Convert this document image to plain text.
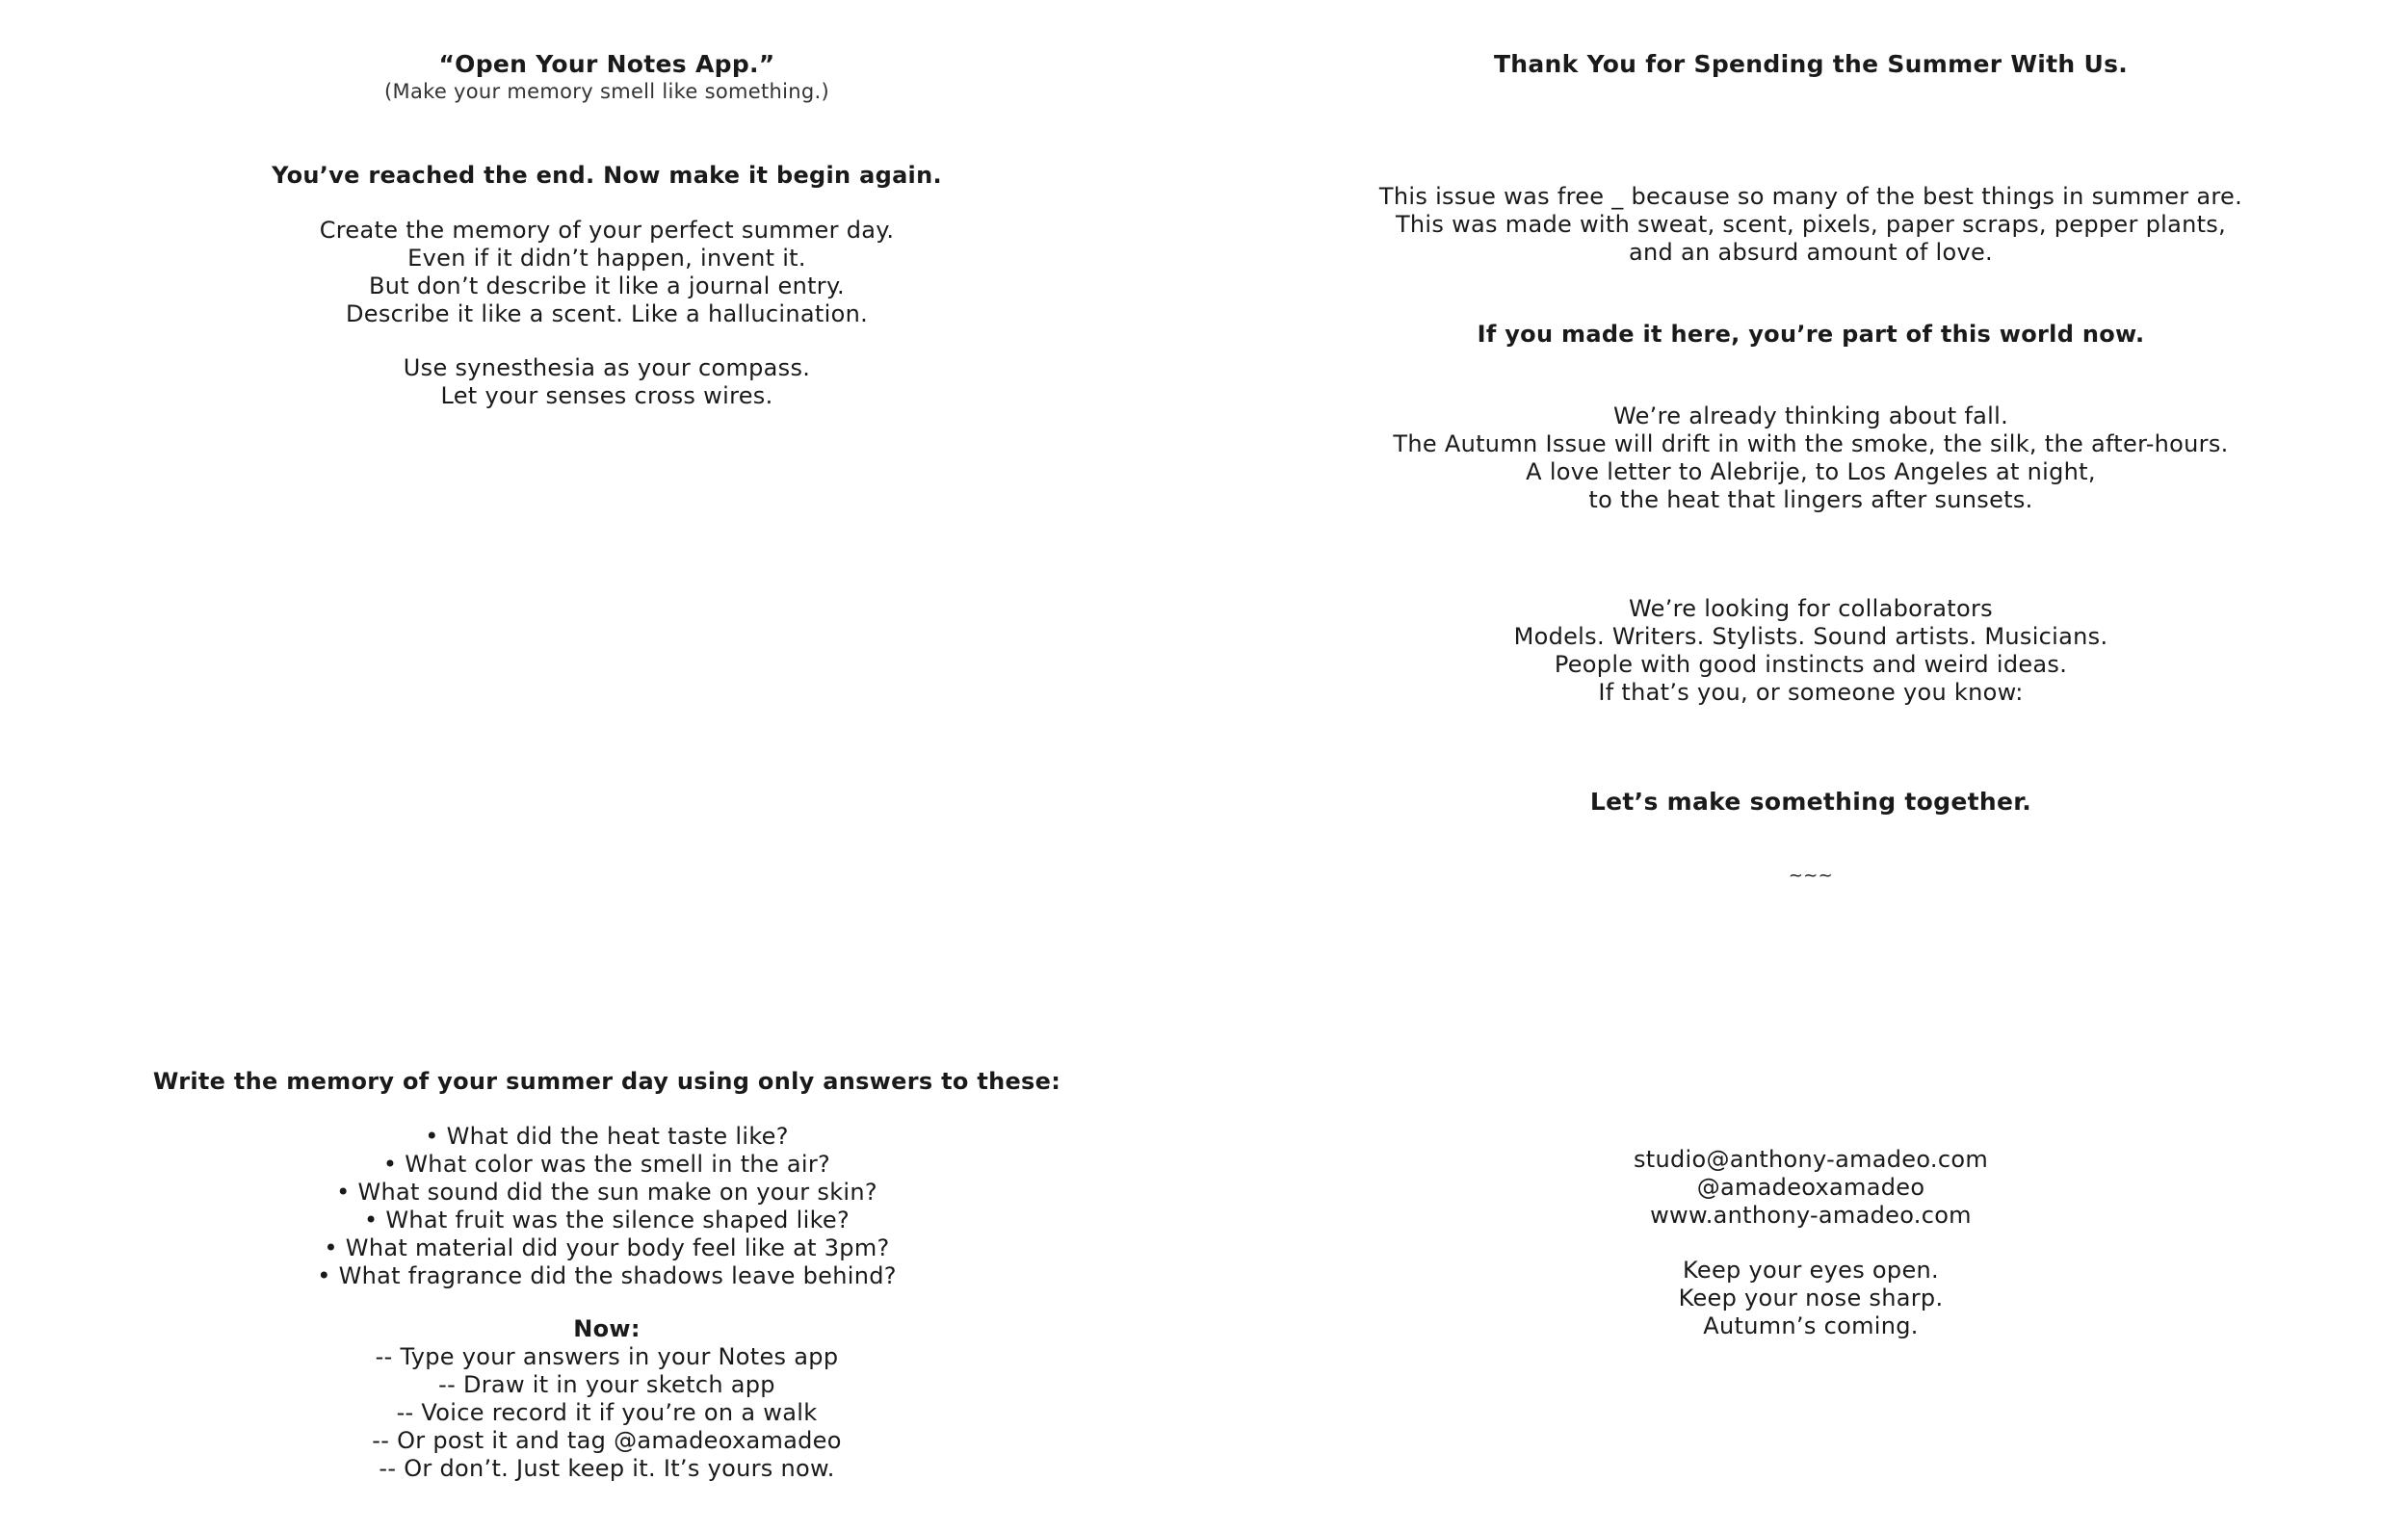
“Open Your Notes App.”
(Make your memory smell like something.)
You’ve reached the end. Now make it begin again.
Create the memory of your perfect summer day.
Even if it didn’t happen, invent it.
But don’t describe it like a journal entry.
Describe it like a scent. Like a hallucination.
Use synesthesia as your compass.
Let your senses cross wires.
Write the memory of your summer day using only answers to these:
• What did the heat taste like?
• What color was the smell in the air?
• What sound did the sun make on your skin?
• What fruit was the silence shaped like?
• What material did your body feel like at 3pm?
• What fragrance did the shadows leave behind?
Now:
-- Type your answers in your Notes app
-- Draw it in your sketch app
-- Voice record it if you’re on a walk
-- Or post it and tag @amadeoxamadeo
-- Or don’t. Just keep it. It’s yours now.
Thank You for Spending the Summer With Us.
This issue was free _ because so many of the best things in summer are.
This was made with sweat, scent, pixels, paper scraps, pepper plants,
and an absurd amount of love.
If you made it here, you’re part of this world now.
We’re already thinking about fall.
The Autumn Issue will drift in with the smoke, the silk, the after-hours.
A love letter to Alebrije, to Los Angeles at night,
to the heat that lingers after sunsets.
We’re looking for collaborators
Models. Writers. Stylists. Sound artists. Musicians.
People with good instincts and weird ideas.
If that’s you, or someone you know:
Let’s make something together.
~~~
studio@anthony-amadeo.com
@amadeoxamadeo
www.anthony-amadeo.com
Keep your eyes open.
Keep your nose sharp.
Autumn’s coming.
